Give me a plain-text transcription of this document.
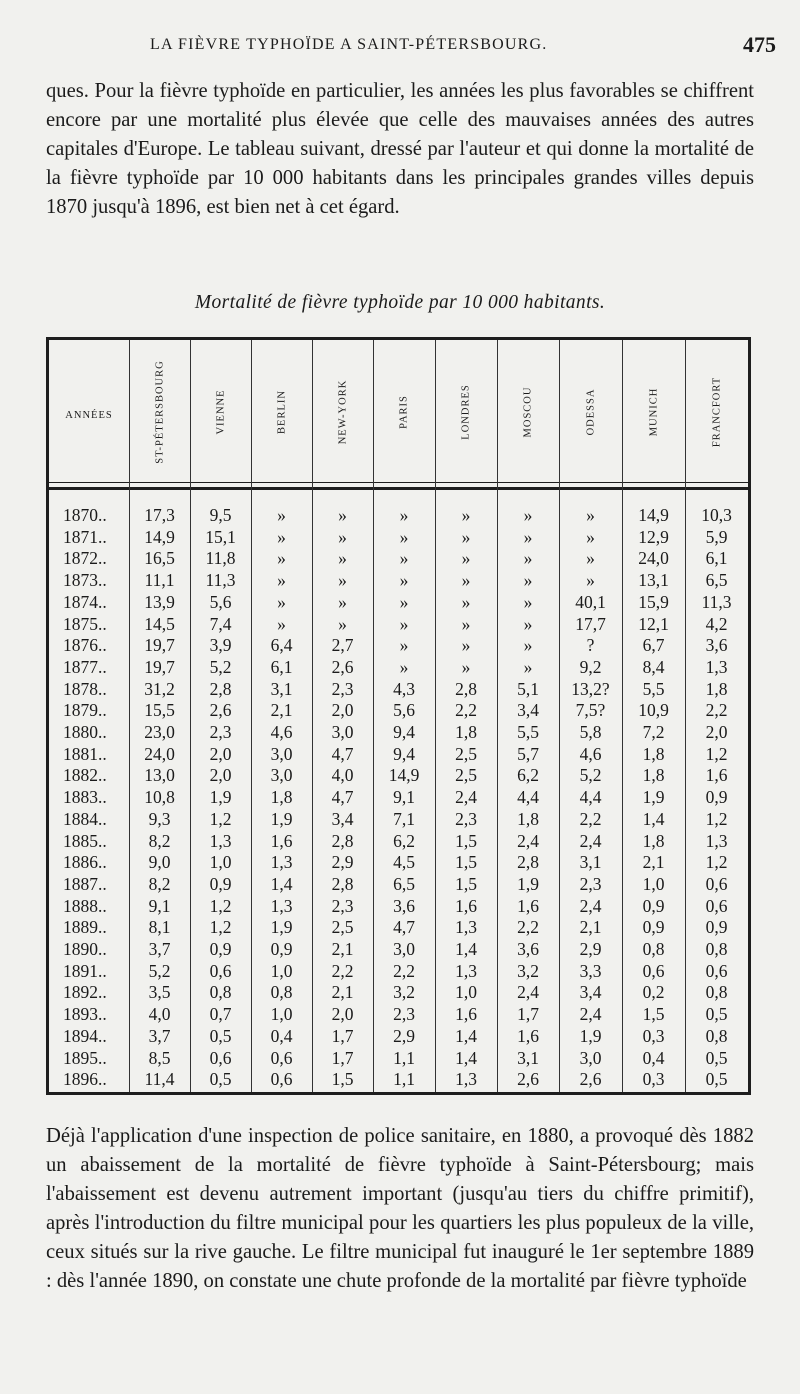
LA FIÈVRE TYPHOÏDE A SAINT-PÉTERSBOURG.	475

ques. Pour la fièvre typhoïde en particulier, les années les plus favorables se chiffrent encore par une mortalité plus élevée que celle des mauvaises années des autres capitales d'Europe. Le tableau suivant, dressé par l'auteur et qui donne la mortalité de la fièvre typhoïde par 10 000 habitants dans les principales grandes villes depuis 1870 jusqu'à 1896, est bien net à cet égard.

Mortalité de fièvre typhoïde par 10 000 habitants.
ANNÉES	ST-PÉTERSBOURG	VIENNE	BERLIN	NEW-YORK	PARIS	LONDRES	MOSCOU	ODESSA	MUNICH	FRANCFORT
1870..	17,3	9,5	»	»	»	»	»	»	14,9	10,3
1871..	14,9	15,1	»	»	»	»	»	»	12,9	5,9
1872..	16,5	11,8	»	»	»	»	»	»	24,0	6,1
1873..	11,1	11,3	»	»	»	»	»	»	13,1	6,5
1874..	13,9	5,6	»	»	»	»	»	40,1	15,9	11,3
1875..	14,5	7,4	»	»	»	»	»	17,7	12,1	4,2
1876..	19,7	3,9	6,4	2,7	»	»	»	?	6,7	3,6
1877..	19,7	5,2	6,1	2,6	»	»	»	9,2	8,4	1,3
1878..	31,2	2,8	3,1	2,3	4,3	2,8	5,1	13,2?	5,5	1,8
1879..	15,5	2,6	2,1	2,0	5,6	2,2	3,4	7,5?	10,9	2,2
1880..	23,0	2,3	4,6	3,0	9,4	1,8	5,5	5,8	7,2	2,0
1881..	24,0	2,0	3,0	4,7	9,4	2,5	5,7	4,6	1,8	1,2
1882..	13,0	2,0	3,0	4,0	14,9	2,5	6,2	5,2	1,8	1,6
1883..	10,8	1,9	1,8	4,7	9,1	2,4	4,4	4,4	1,9	0,9
1884..	9,3	1,2	1,9	3,4	7,1	2,3	1,8	2,2	1,4	1,2
1885..	8,2	1,3	1,6	2,8	6,2	1,5	2,4	2,4	1,8	1,3
1886..	9,0	1,0	1,3	2,9	4,5	1,5	2,8	3,1	2,1	1,2
1887..	8,2	0,9	1,4	2,8	6,5	1,5	1,9	2,3	1,0	0,6
1888..	9,1	1,2	1,3	2,3	3,6	1,6	1,6	2,4	0,9	0,6
1889..	8,1	1,2	1,9	2,5	4,7	1,3	2,2	2,1	0,9	0,9
1890..	3,7	0,9	0,9	2,1	3,0	1,4	3,6	2,9	0,8	0,8
1891..	5,2	0,6	1,0	2,2	2,2	1,3	3,2	3,3	0,6	0,6
1892..	3,5	0,8	0,8	2,1	3,2	1,0	2,4	3,4	0,2	0,8
1893..	4,0	0,7	1,0	2,0	2,3	1,6	1,7	2,4	1,5	0,5
1894..	3,7	0,5	0,4	1,7	2,9	1,4	1,6	1,9	0,3	0,8
1895..	8,5	0,6	0,6	1,7	1,1	1,4	3,1	3,0	0,4	0,5
1896..	11,4	0,5	0,6	1,5	1,1	1,3	2,6	2,6	0,3	0,5

Déjà l'application d'une inspection de police sanitaire, en 1880, a provoqué dès 1882 un abaissement de la mortalité de fièvre typhoïde à Saint-Pétersbourg; mais l'abaissement est devenu autrement important (jusqu'au tiers du chiffre primitif), après l'introduction du filtre municipal pour les quartiers les plus populeux de la ville, ceux situés sur la rive gauche. Le filtre municipal fut inauguré le 1er septembre 1889 : dès l'année 1890, on constate une chute profonde de la mortalité par fièvre typhoïde
